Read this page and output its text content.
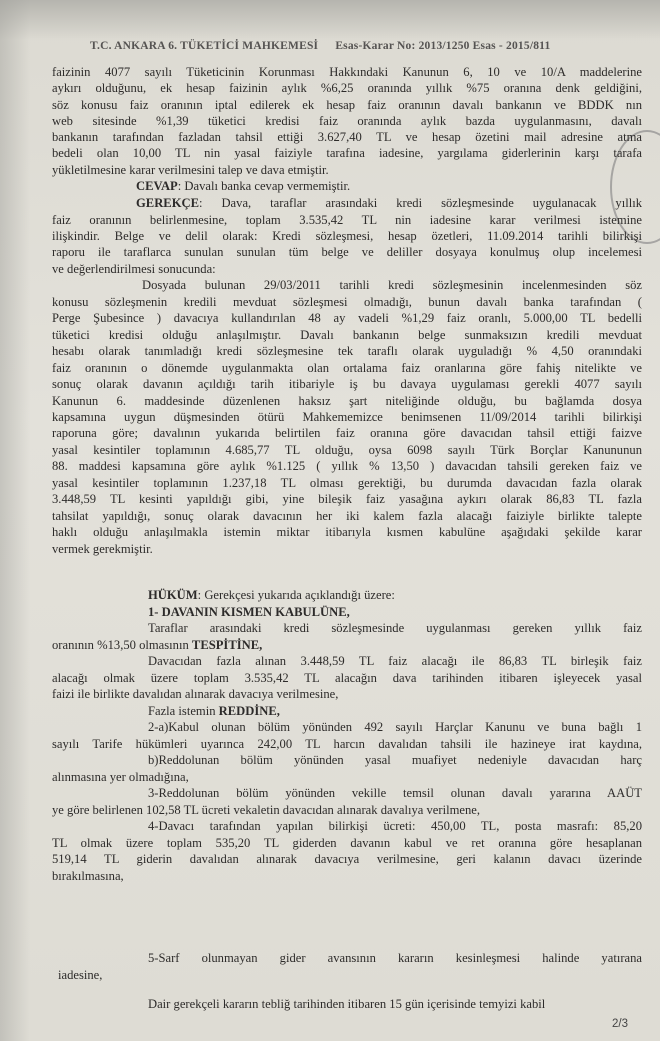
T.C. ANKARA 6. TÜKETİCİ MAHKEMESİ Esas-Karar No: 2013/1250 Esas - 2015/811
faizinin 4077 sayılı Tüketicinin Korunması Hakkındaki Kanunun 6, 10 ve 10/A maddelerine
aykırı olduğunu, ek hesap faizinin aylık %6,25 oranında yıllık %75 oranına denk geldiğini,
söz konusu faiz oranının iptal edilerek ek hesap faiz oranının davalı bankanın ve BDDK nın
web sitesinde %1,39 tüketici kredisi faiz oranında aylık bazda uygulanmasını, davalı
bankanın tarafından fazladan tahsil ettiği 3.627,40 TL ve hesap özetini mail adresine atma
bedeli olan 10,00 TL nin yasal faiziyle tarafına iadesine, yargılama giderlerinin karşı tarafa
yükletilmesine karar verilmesini talep ve dava etmiştir.
CEVAP: Davalı banka cevap vermemiştir.
GEREKÇE: Dava, taraflar arasındaki kredi sözleşmesinde uygulanacak yıllık
faiz oranının belirlenmesine, toplam 3.535,42 TL nin iadesine karar verilmesi istemine
ilişkindir. Belge ve delil olarak: Kredi sözleşmesi, hesap özetleri, 11.09.2014 tarihli bilirkişi
raporu ile taraflarca sunulan sunulan tüm belge ve deliller dosyaya konulmuş olup incelemesi
ve değerlendirilmesi sonucunda:
Dosyada bulunan 29/03/2011 tarihli kredi sözleşmesinin incelenmesinden söz
konusu sözleşmenin kredili mevduat sözleşmesi olmadığı, bunun davalı banka tarafından (
Perge Şubesince ) davacıya kullandırılan 48 ay vadeli %1,29 faiz oranlı, 5.000,00 TL bedelli
tüketici kredisi olduğu anlaşılmıştır. Davalı bankanın belge sunmaksızın kredili mevduat
hesabı olarak tanımladığı kredi sözleşmesine tek taraflı olarak uyguladığı % 4,50 oranındaki
faiz oranının o dönemde uygulanmakta olan ortalama faiz oranlarına göre fahiş nitelikte ve
sonuç olarak davanın açıldığı tarih itibariyle iş bu davaya uygulaması gerekli 4077 sayılı
Kanunun 6. maddesinde düzenlenen haksız şart niteliğinde olduğu, bu bağlamda dosya
kapsamına uygun düşmesinden ötürü Mahkememizce benimsenen 11/09/2014 tarihli bilirkişi
raporuna göre; davalının yukarıda belirtilen faiz oranına göre davacıdan tahsil ettiği faizve
yasal kesintiler toplamının 4.685,77 TL olduğu, oysa 6098 sayılı Türk Borçlar Kanununun
88. maddesi kapsamına göre aylık %1.125 ( yıllık % 13,50 ) davacıdan tahsili gereken faiz ve
yasal kesintiler toplamının 1.237,18 TL olması gerektiği, bu durumda davacıdan fazla olarak
3.448,59 TL kesinti yapıldığı gibi, yine bileşik faiz yasağına aykırı olarak 86,83 TL fazla
tahsilat yapıldığı, sonuç olarak davacının her iki kalem fazla alacağı faiziyle birlikte talepte
haklı olduğu anlaşılmakla istemin miktar itibarıyla kısmen kabulüne aşağıdaki şekilde karar
vermek gerekmiştir.
HÜKÜM: Gerekçesi yukarıda açıklandığı üzere:
1- DAVANIN KISMEN KABULÜNE,
Taraflar arasındaki kredi sözleşmesinde uygulanması gereken yıllık faiz
oranının %13,50 olmasının TESPİTİNE,
Davacıdan fazla alınan 3.448,59 TL faiz alacağı ile 86,83 TL birleşik faiz
alacağı olmak üzere toplam 3.535,42 TL alacağın dava tarihinden itibaren işleyecek yasal
faizi ile birlikte davalıdan alınarak davacıya verilmesine,
Fazla istemin REDDİNE,
2-a)Kabul olunan bölüm yönünden 492 sayılı Harçlar Kanunu ve buna bağlı 1
sayılı Tarife hükümleri uyarınca 242,00 TL harcın davalıdan tahsili ile hazineye irat kaydına,
b)Reddolunan bölüm yönünden yasal muafiyet nedeniyle davacıdan harç
alınmasına yer olmadığına,
3-Reddolunan bölüm yönünden vekille temsil olunan davalı yararına AAÜT
ye göre belirlenen 102,58 TL ücreti vekaletin davacıdan alınarak davalıya verilmene,
4-Davacı tarafından yapılan bilirkişi ücreti: 450,00 TL, posta masrafı: 85,20
TL olmak üzere toplam 535,20 TL giderden davanın kabul ve ret oranına göre hesaplanan
519,14 TL giderin davalıdan alınarak davacıya verilmesine, geri kalanın davacı üzerinde
bırakılmasına,
5-Sarf olunmayan gider avansının kararın kesinleşmesi halinde yatırana
iadesine,
Dair gerekçeli kararın tebliğ tarihinden itibaren 15 gün içerisinde temyizi kabil
2/3
